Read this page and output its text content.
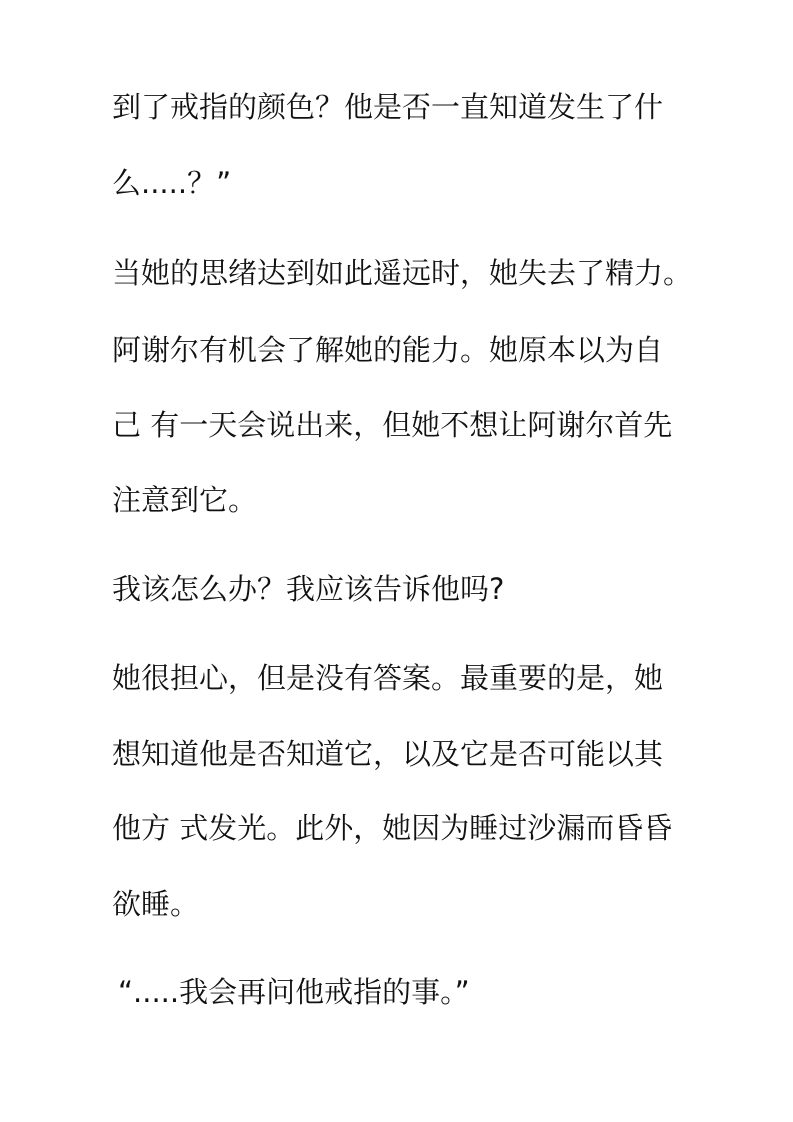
到了戒指的颜色？他是否一直知道发生了什

么.....？”

当她的思绪达到如此遥远时，她失去了精力。

阿谢尔有机会了解她的能力。她原本以为自

己 有一天会说出来，但她不想让阿谢尔首先

注意到它。

我该怎么办？我应该告诉他吗?

她很担心，但是没有答案。最重要的是，她

想知道他是否知道它，以及它是否可能以其

他方 式发光。此外，她因为睡过沙漏而昏昏

欲睡。

“.....我会再问他戒指的事。”
